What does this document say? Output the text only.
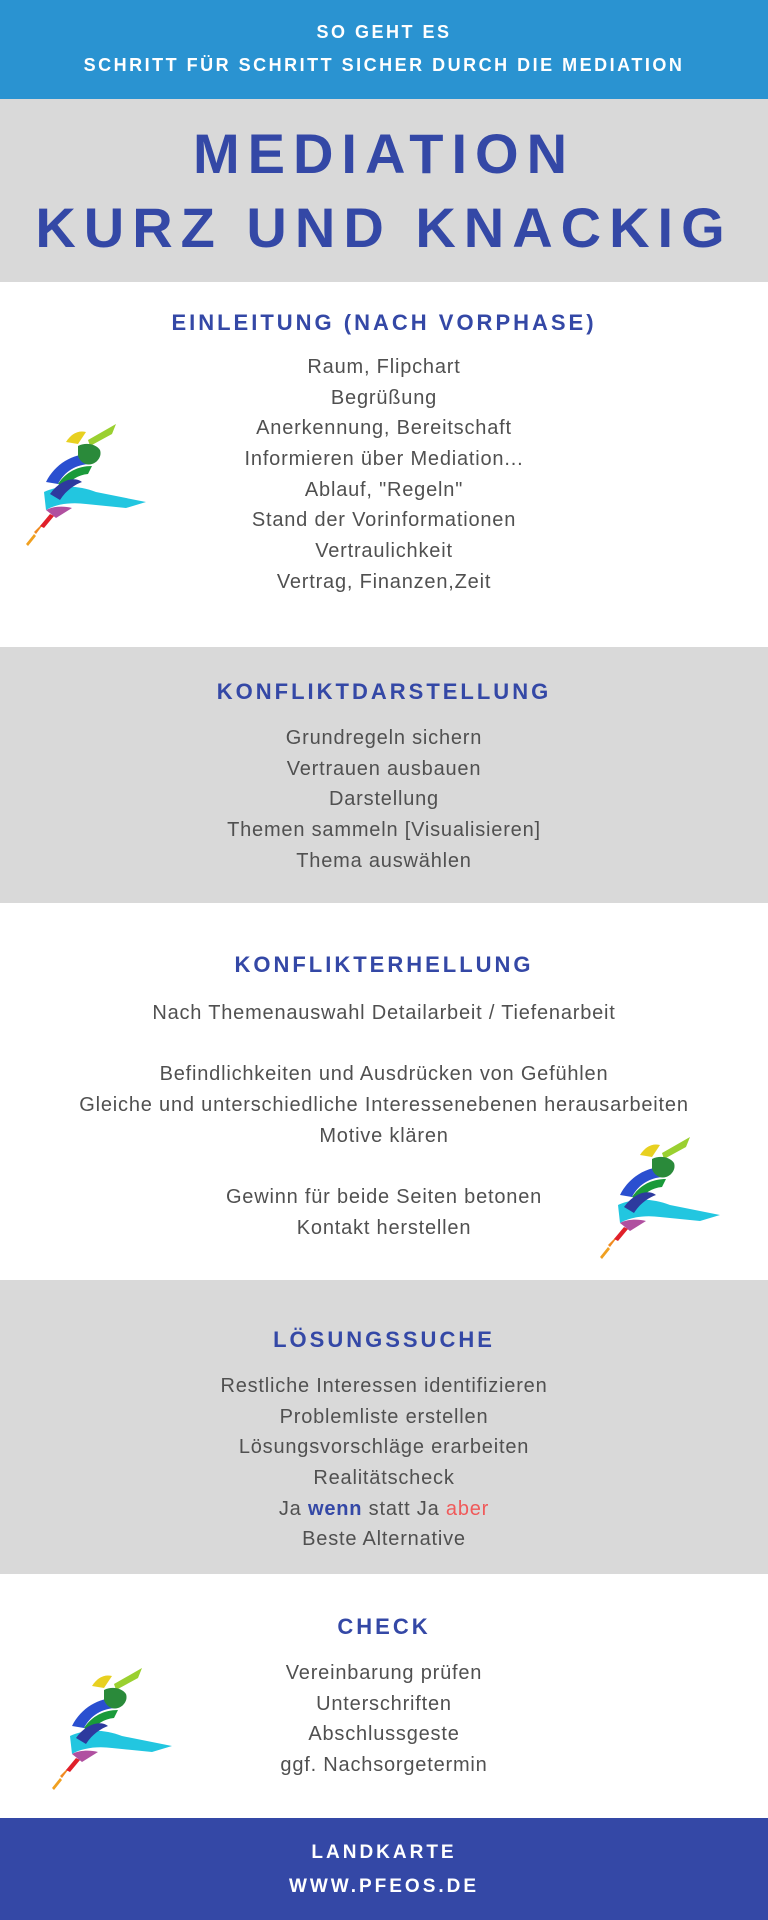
SO GEHT ES
SCHRITT FÜR SCHRITT SICHER DURCH DIE MEDIATION
MEDIATION
KURZ UND KNACKIG
EINLEITUNG (NACH VORPHASE)
Raum, Flipchart
Begrüßung
Anerkennung, Bereitschaft
Informieren über Mediation...
Ablauf, "Regeln"
Stand der Vorinformationen
Vertraulichkeit
Vertrag, Finanzen,Zeit
KONFLIKTDARSTELLUNG
Grundregeln sichern
Vertrauen ausbauen
Darstellung
Themen sammeln [Visualisieren]
Thema auswählen
KONFLIKTERHELLUNG
Nach Themenauswahl Detailarbeit / Tiefenarbeit
Befindlichkeiten und Ausdrücken von Gefühlen
Gleiche und unterschiedliche Interessenebenen herausarbeiten
Motive klären
Gewinn für beide Seiten betonen
Kontakt herstellen
LÖSUNGSSUCHE
Restliche Interessen identifizieren
Problemliste erstellen
Lösungsvorschläge erarbeiten
Realitätscheck
Ja wenn statt Ja aber
Beste Alternative
CHECK
Vereinbarung prüfen
Unterschriften
Abschlussgeste
ggf. Nachsorgetermin
LANDKARTE
WWW.PFEOS.DE
